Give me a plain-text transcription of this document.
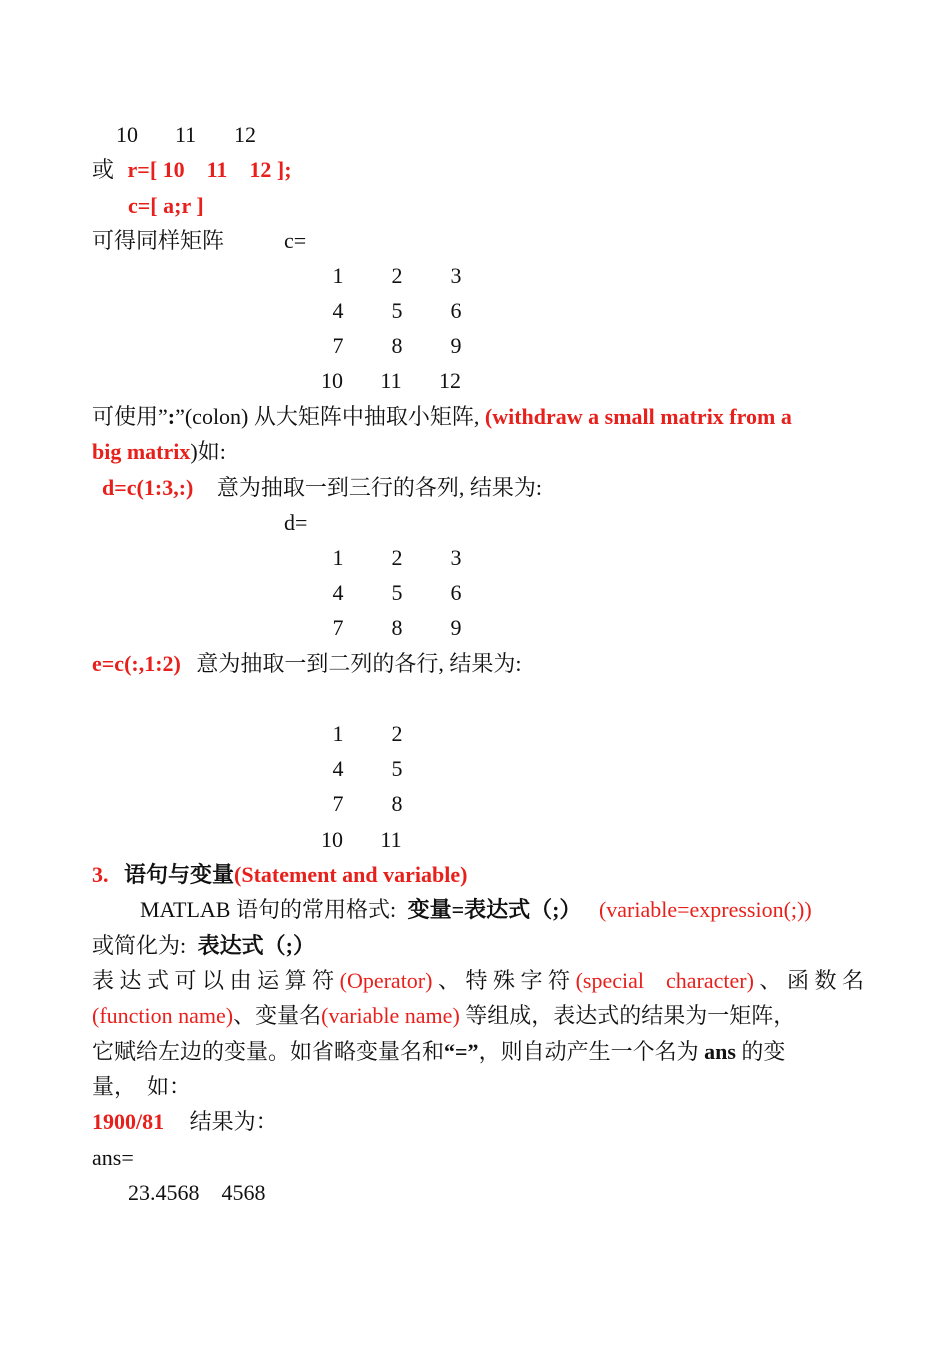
10 11 12
或 r=[ 10    11    12 ];
c=[ a;r ]
可得同样矩阵	c=
1	2	3
4	5	6
7	8	9
10	11	12
可使用”:”(colon) 从大矩阵中抽取小矩阵, (withdraw a small matrix from a
big matrix)如:
d=c(1:3,:) 意为抽取一到三行的各列, 结果为:
d=
1	2	3
4	5	6
7	8	9
e=c(:,1:2) 意为抽取一到二列的各行, 结果为:
1	2
4	5
7	8
10	11
3. 语句与变量(Statement and variable)
MATLAB 语句的常用格式: 变量=表达式（;） (variable=expression(;))
或简化为: 表达式（;）
表达式可以由运算符(Operator)、特殊字符(special  character)、函数名
(function name)、变量名(variable name) 等组成，表达式的结果为一矩阵，
它赋给左边的变量。如省略变量名和“=”，则自动产生一个名为 ans 的变
量，  如：
1900/81 结果为：
ans=
23.4568    4568
